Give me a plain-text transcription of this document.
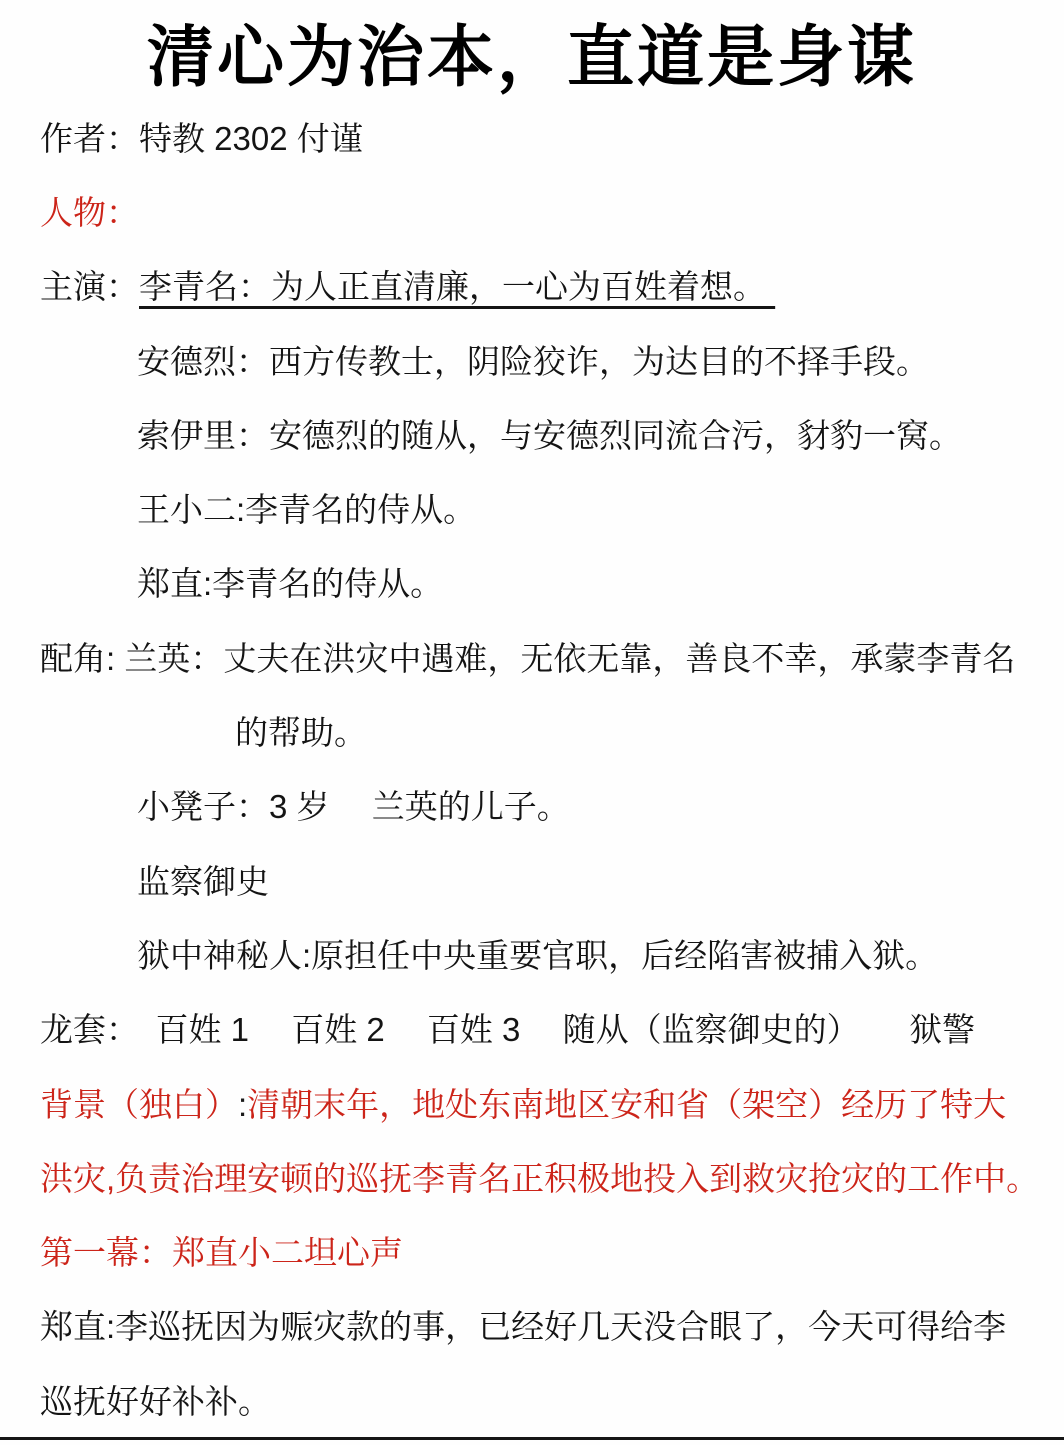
清心为治本，直道是身谋
作者：特教 2302 付谨
人物：
主演： 李青名：为人正直清廉，一心为百姓着想。
安德烈：西方传教士，阴险狡诈，为达目的不择手段。
索伊里：安德烈的随从，与安德烈同流合污，豺豹一窝。
王小二:李青名的侍从。
郑直:李青名的侍从。
配角: 兰英：丈夫在洪灾中遇难，无依无靠，善良不幸，承蒙李青名
的帮助。
小凳子：3 岁　 兰英的儿子。
监察御史
狱中神秘人:原担任中央重要官职，后经陷害被捕入狱。
龙套：　百姓 1　 百姓 2　 百姓 3　 随从（监察御史的）　　狱警
背景（独白） : 清朝末年，地处东南地区安和省（架空）经历了特大
洪灾,负责治理安顿的巡抚李青名正积极地投入到救灾抢灾的工作中。
第一幕：郑直小二坦心声
郑直:李巡抚因为赈灾款的事，已经好几天没合眼了，今天可得给李
巡抚好好补补。
